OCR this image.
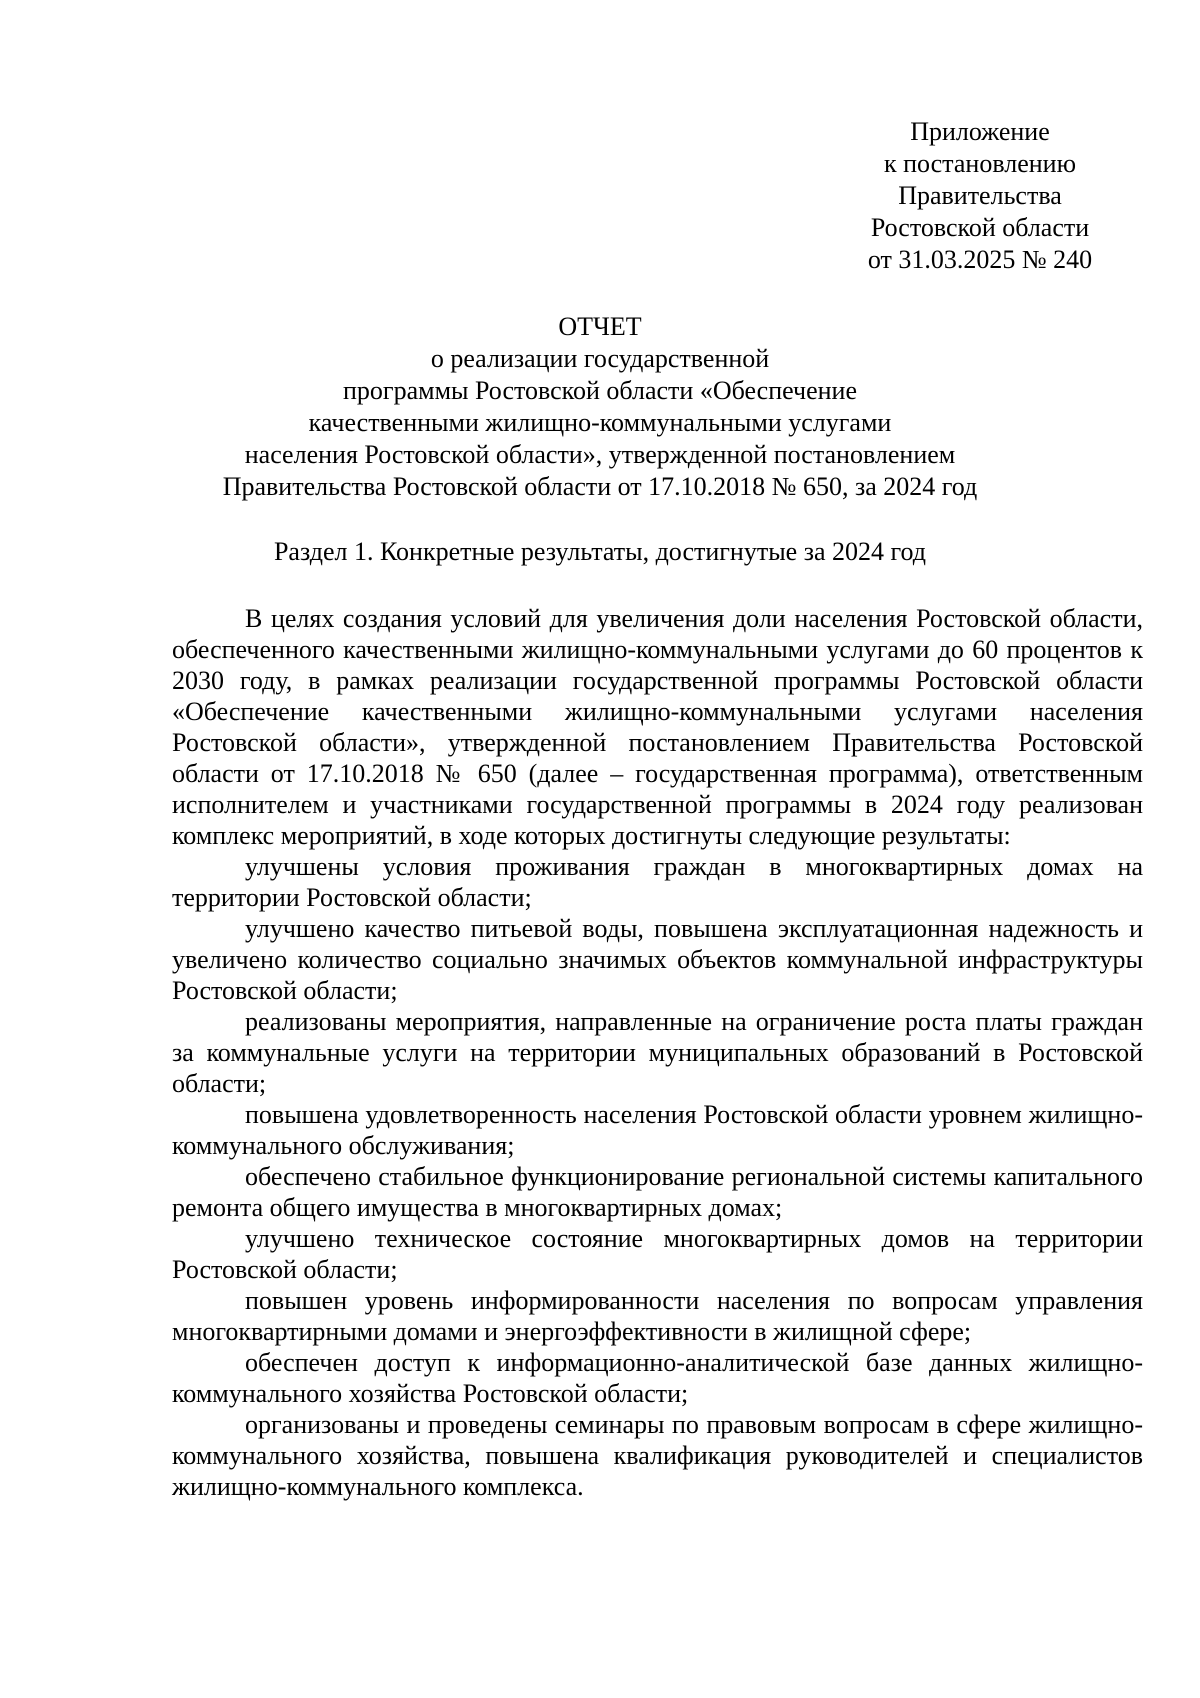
Приложение
к постановлению
Правительства
Ростовской области
от 31.03.2025 № 240
ОТЧЕТ
о реализации государственной
программы Ростовской области «Обеспечение
качественными жилищно-коммунальными услугами
населения Ростовской области», утвержденной постановлением
Правительства Ростовской области от 17.10.2018 № 650, за 2024 год
Раздел 1. Конкретные результаты, достигнутые за 2024 год

В целях создания условий для увеличения доли населения Ростовской области, обеспеченного качественными жилищно-коммунальными услугами до 60 процентов к 2030 году, в рамках реализации государственной программы Ростовской области «Обеспечение качественными жилищно-коммунальными услугами населения Ростовской области», утвержденной постановлением Правительства Ростовской области от 17.10.2018 № 650 (далее – государственная программа), ответственным исполнителем и участниками государственной программы в 2024 году реализован комплекс мероприятий, в ходе которых достигнуты следующие результаты:

улучшены условия проживания граждан в многоквартирных домах на территории Ростовской области;

улучшено качество питьевой воды, повышена эксплуатационная надежность и увеличено количество социально значимых объектов коммунальной инфраструктуры Ростовской области;

реализованы мероприятия, направленные на ограничение роста платы граждан за коммунальные услуги на территории муниципальных образований в Ростовской области;

повышена удовлетворенность населения Ростовской области уровнем жилищно-коммунального обслуживания;

обеспечено стабильное функционирование региональной системы капитального ремонта общего имущества в многоквартирных домах;

улучшено техническое состояние многоквартирных домов на территории Ростовской области;

повышен уровень информированности населения по вопросам управления многоквартирными домами и энергоэффективности в жилищной сфере;

обеспечен доступ к информационно-аналитической базе данных жилищно-коммунального хозяйства Ростовской области;

организованы и проведены семинары по правовым вопросам в сфере жилищно-коммунального хозяйства, повышена квалификация руководителей и специалистов жилищно-коммунального комплекса.
